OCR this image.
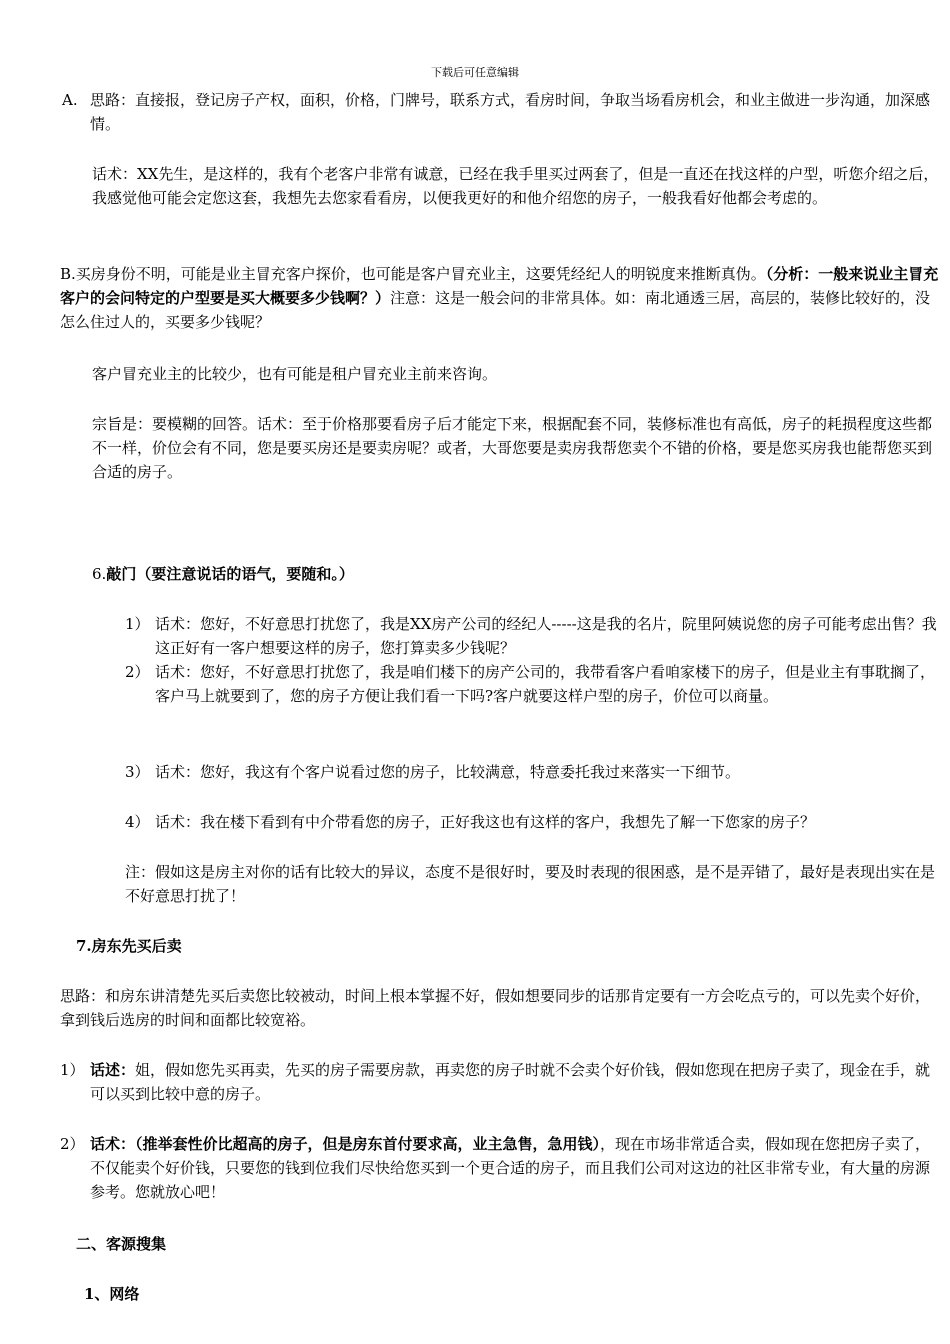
下载后可任意编辑
A. 思路：直接报，登记房子产权，面积，价格，门牌号，联系方式，看房时间，争取当场看房机会，和业主做进一步沟通，加深感情。

话术：XX先生，是这样的，我有个老客户非常有诚意，已经在我手里买过两套了，但是一直还在找这样的户型，听您介绍之后，我感觉他可能会定您这套，我想先去您家看看房，以便我更好的和他介绍您的房子，一般我看好他都会考虑的。

B.买房身份不明，可能是业主冒充客户探价，也可能是客户冒充业主，这要凭经纪人的明锐度来推断真伪。（分析：一般来说业主冒充客户的会问特定的户型要是买大概要多少钱啊？）注意：这是一般会问的非常具体。如：南北通透三居，高层的，装修比较好的，没怎么住过人的，买要多少钱呢？

客户冒充业主的比较少，也有可能是租户冒充业主前来咨询。

宗旨是：要模糊的回答。话术：至于价格那要看房子后才能定下来，根据配套不同，装修标准也有高低，房子的耗损程度这些都不一样，价位会有不同，您是要买房还是要卖房呢？或者，大哥您要是卖房我帮您卖个不错的价格，要是您买房我也能帮您买到合适的房子。

6.敲门（要注意说话的语气，要随和。）

1） 话术：您好，不好意思打扰您了，我是XX房产公司的经纪人-----这是我的名片，院里阿姨说您的房子可能考虑出售？我这正好有一客户想要这样的房子，您打算卖多少钱呢？
2） 话术：您好，不好意思打扰您了，我是咱们楼下的房产公司的，我带看客户看咱家楼下的房子，但是业主有事耽搁了，客户马上就要到了，您的房子方便让我们看一下吗?客户就要这样户型的房子，价位可以商量。
3） 话术：您好，我这有个客户说看过您的房子，比较满意，特意委托我过来落实一下细节。
4） 话术：我在楼下看到有中介带看您的房子，正好我这也有这样的客户，我想先了解一下您家的房子？

注：假如这是房主对你的话有比较大的异议，态度不是很好时，要及时表现的很困惑，是不是弄错了，最好是表现出实在是不好意思打扰了！

7.房东先买后卖

思路：和房东讲清楚先买后卖您比较被动，时间上根本掌握不好，假如想要同步的话那肯定要有一方会吃点亏的，可以先卖个好价，拿到钱后选房的时间和面都比较宽裕。

1） 话述：姐，假如您先买再卖，先买的房子需要房款，再卖您的房子时就不会卖个好价钱，假如您现在把房子卖了，现金在手，就可以买到比较中意的房子。
2） 话术：（推举套性价比超高的房子，但是房东首付要求高，业主急售，急用钱），现在市场非常适合卖，假如现在您把房子卖了，不仅能卖个好价钱，只要您的钱到位我们尽快给您买到一个更合适的房子，而且我们公司对这边的社区非常专业，有大量的房源参考。您就放心吧！

二、客源搜集

1、网络
